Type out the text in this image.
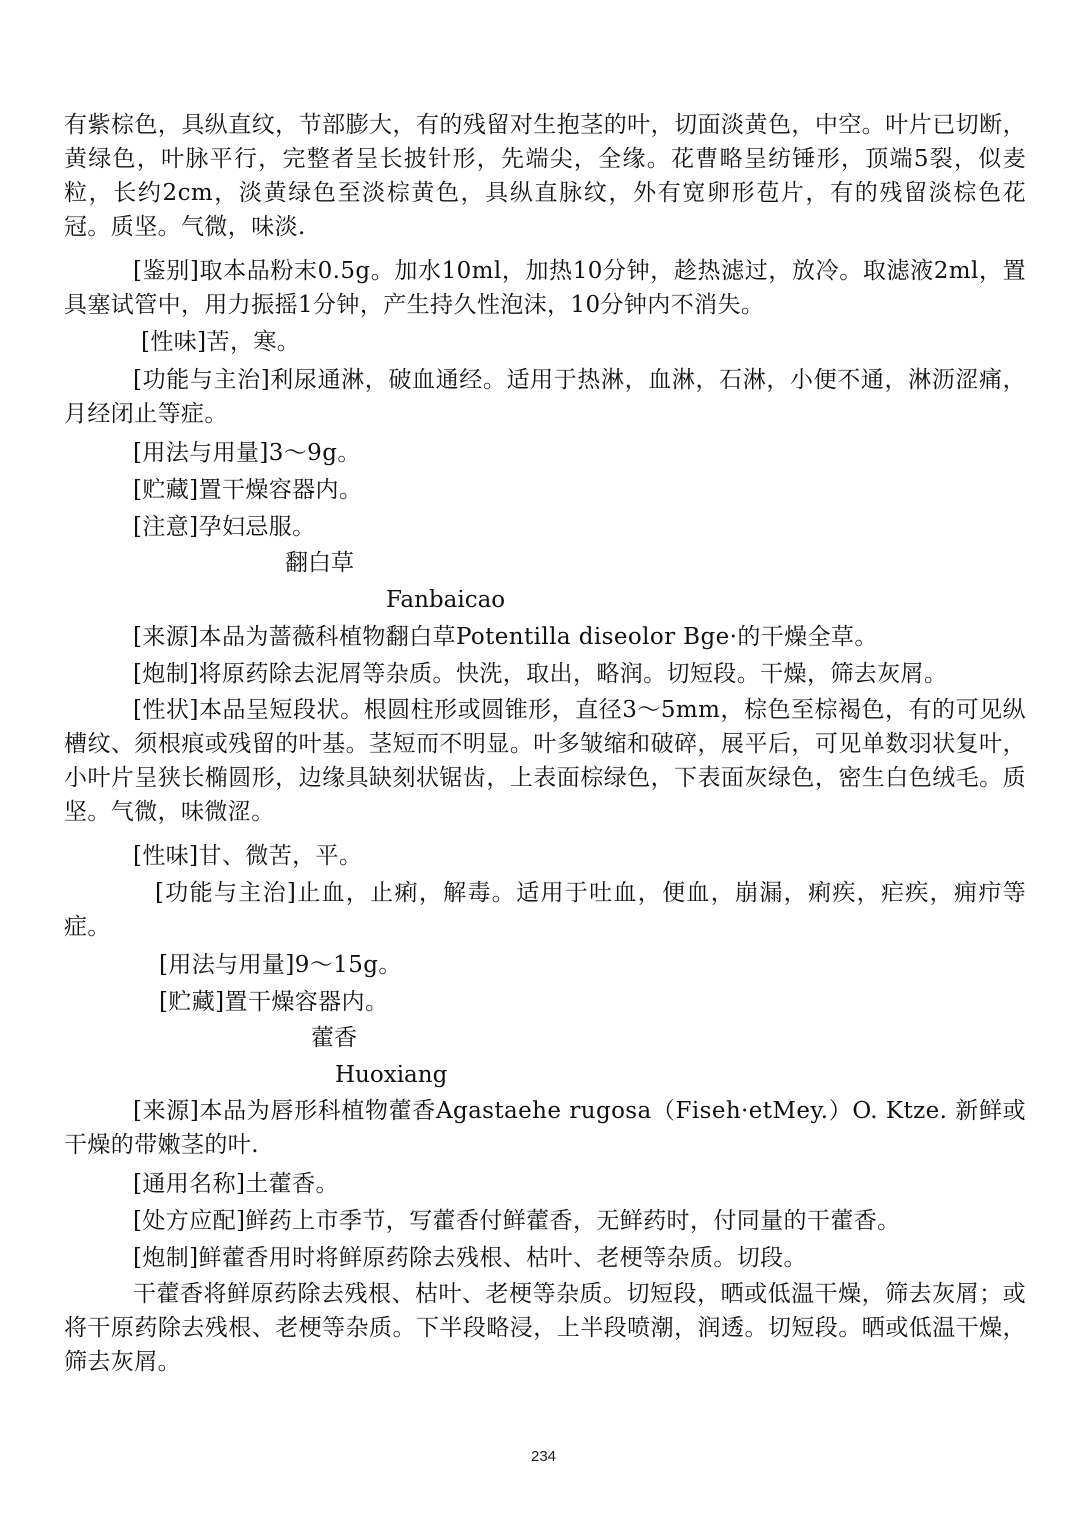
有紫棕色，具纵直纹，节部膨大，有的残留对生抱茎的叶，切面淡黄色，中空。叶片已切断，黄绿色，叶脉平行，完整者呈长披针形，先端尖，全缘。花曹略呈纺锤形，顶端5裂，似麦粒，长约2cm，淡黄绿色至淡棕黄色，具纵直脉纹，外有宽卵形苞片，有的残留淡棕色花冠。质坚。气微，味淡.

[鉴别]取本品粉末0.5g。加水10ml，加热10分钟，趁热滤过，放冷。取滤液2ml，置具塞试管中，用力振摇1分钟，产生持久性泡沫，10分钟内不消失。

[性味]苦，寒。

[功能与主治]利尿通淋，破血通经。适用于热淋，血淋，石淋，小便不通，淋沥涩痛，月经闭止等症。

[用法与用量]3～9g。

[贮藏]置干燥容器内。

[注意]孕妇忌服。

翻白草

Fanbaicao

[来源]本品为蔷薇科植物翻白草Potentilla diseolor Bge·的干燥全草。

[炮制]将原药除去泥屑等杂质。快洗，取出，略润。切短段。干燥，筛去灰屑。

[性状]本品呈短段状。根圆柱形或圆锥形，直径3～5mm，棕色至棕褐色，有的可见纵槽纹、须根痕或残留的叶基。茎短而不明显。叶多皱缩和破碎，展平后，可见单数羽状复叶，小叶片呈狭长椭圆形，边缘具缺刻状锯齿，上表面棕绿色，下表面灰绿色，密生白色绒毛。质坚。气微，味微涩。

[性味]甘、微苦，平。

[功能与主治]止血，止痢，解毒。适用于吐血，便血，崩漏，痢疾，疟疾，痈疖等症。

[用法与用量]9～15g。

[贮藏]置干燥容器内。

藿香

Huoxiang

[来源]本品为唇形科植物藿香Agastaehe rugosa（Fiseh·etMey.）O. Ktze. 新鲜或干燥的带嫩茎的叶.

[通用名称]土藿香。

[处方应配]鲜药上市季节，写藿香付鲜藿香，无鲜药时，付同量的干藿香。

[炮制]鲜藿香用时将鲜原药除去残根、枯叶、老梗等杂质。切段。

干藿香将鲜原药除去残根、枯叶、老梗等杂质。切短段，晒或低温干燥，筛去灰屑；或将干原药除去残根、老梗等杂质。下半段略浸，上半段喷潮，润透。切短段。晒或低温干燥，筛去灰屑。

234
